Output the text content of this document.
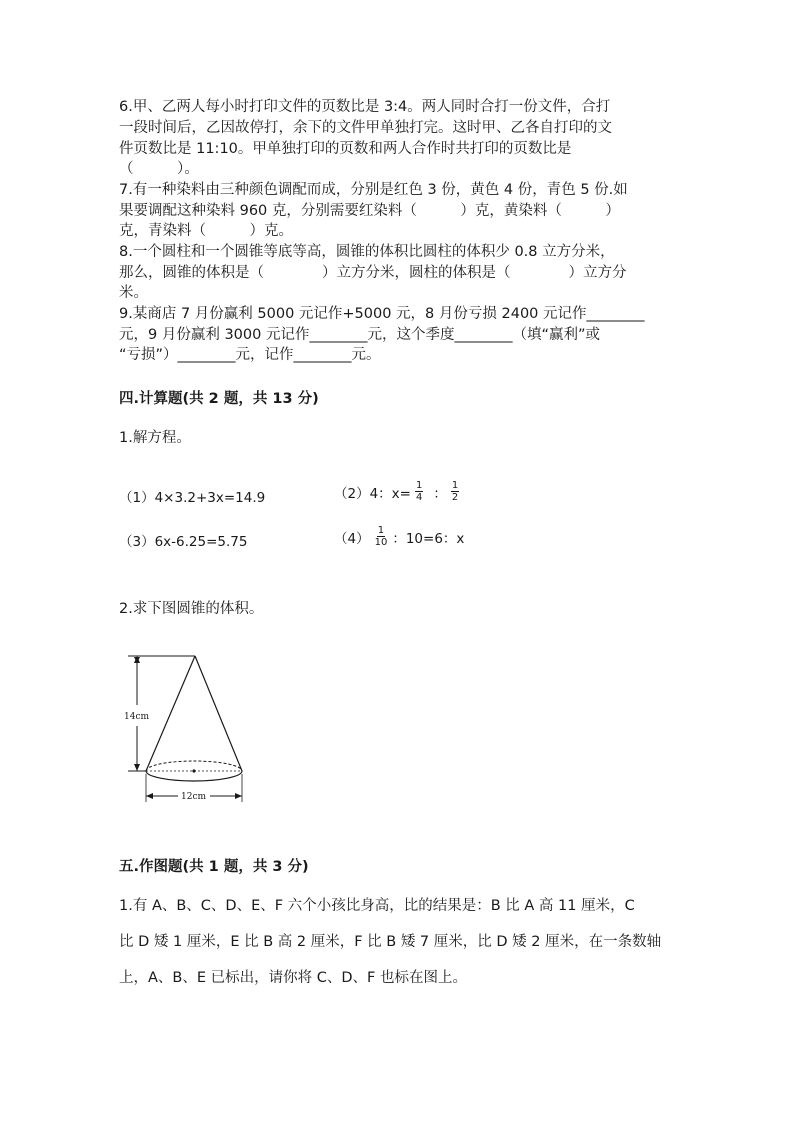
6.甲、乙两人每小时打印文件的页数比是 3:4。两人同时合打一份文件，合打
一段时间后，乙因故停打，余下的文件甲单独打完。这时甲、乙各自打印的文
件页数比是 11:10。甲单独打印的页数和两人合作时共打印的页数比是
（　　　）。
7.有一种染料由三种颜色调配而成，分别是红色 3 份，黄色 4 份，青色 5 份.如
果要调配这种染料 960 克，分别需要红染料（　　　）克，黄染料（　　　）
克，青染料（　　　）克。
8.一个圆柱和一个圆锥等底等高，圆锥的体积比圆柱的体积少 0.8 立方分米，
那么，圆锥的体积是（　　　　）立方分米，圆柱的体积是（　　　　）立方分
米。
9.某商店 7 月份赢利 5000 元记作+5000 元，8 月份亏损 2400 元记作________
元，9 月份赢利 3000 元记作________元，这个季度________（填“赢利”或
“亏损”）________元，记作________元。
四.计算题(共 2 题，共 13 分)
1.解方程。
（1）4×3.2+3x=14.9	（2）4：$x= \frac{1}{4}$ ： $\frac{1}{2}$
（3）6x-6.25=5.75	$(4) \frac{1}{10}$ ：10=6：x
2.求下图圆锥的体积。
14cm
12cm
五.作图题(共 1 题，共 3 分)
1.有 A、B、C、D、E、F 六个小孩比身高，比的结果是：B 比 A 高 11 厘米，C
比 D 矮 1 厘米，E 比 B 高 2 厘米，F 比 B 矮 7 厘米，比 D 矮 2 厘米，在一条数轴
上，A、B、E 已标出，请你将 C、D、F 也标在图上。
